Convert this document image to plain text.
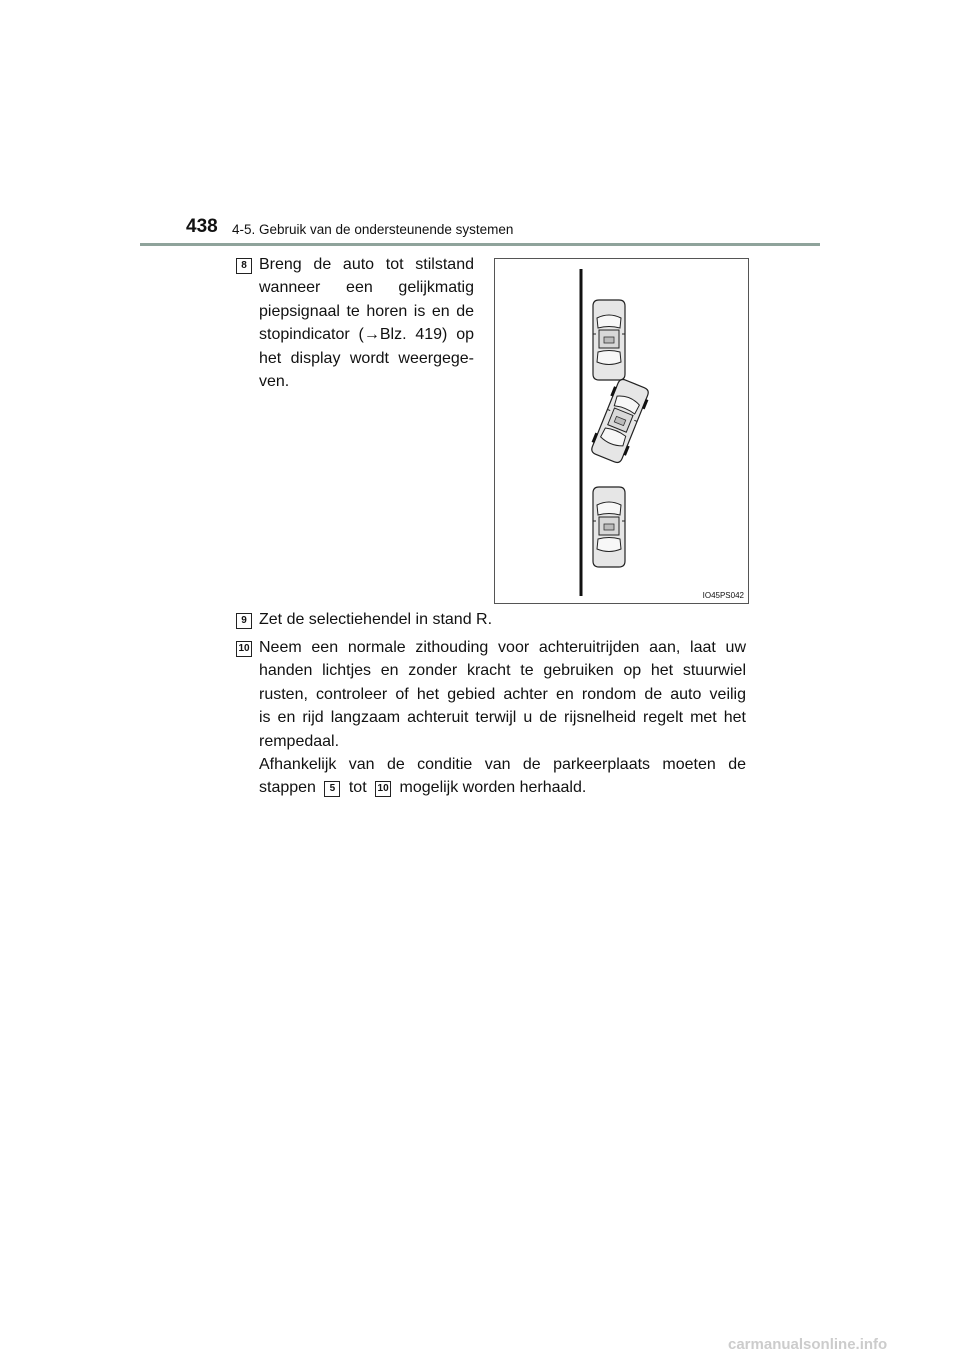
438 4-5. Gebruik van de ondersteunende systemen
8 Breng de auto tot stilstand
wanneer een gelijkmatig
piepsignaal te horen is en de
stopindicator (→Blz. 419) op
het display wordt weergege-
ven.
IO45PS042
9 Zet de selectiehendel in stand R.
10 Neem een normale zithouding voor achteruitrijden aan, laat uw
handen lichtjes en zonder kracht te gebruiken op het stuurwiel
rusten, controleer of het gebied achter en rondom de auto veilig
is en rijd langzaam achteruit terwijl u de rijsnelheid regelt met het
rempedaal.
Afhankelijk van de conditie van de parkeerplaats moeten de
stappen 5 tot 10 mogelijk worden herhaald.
carmanualsonline.info
